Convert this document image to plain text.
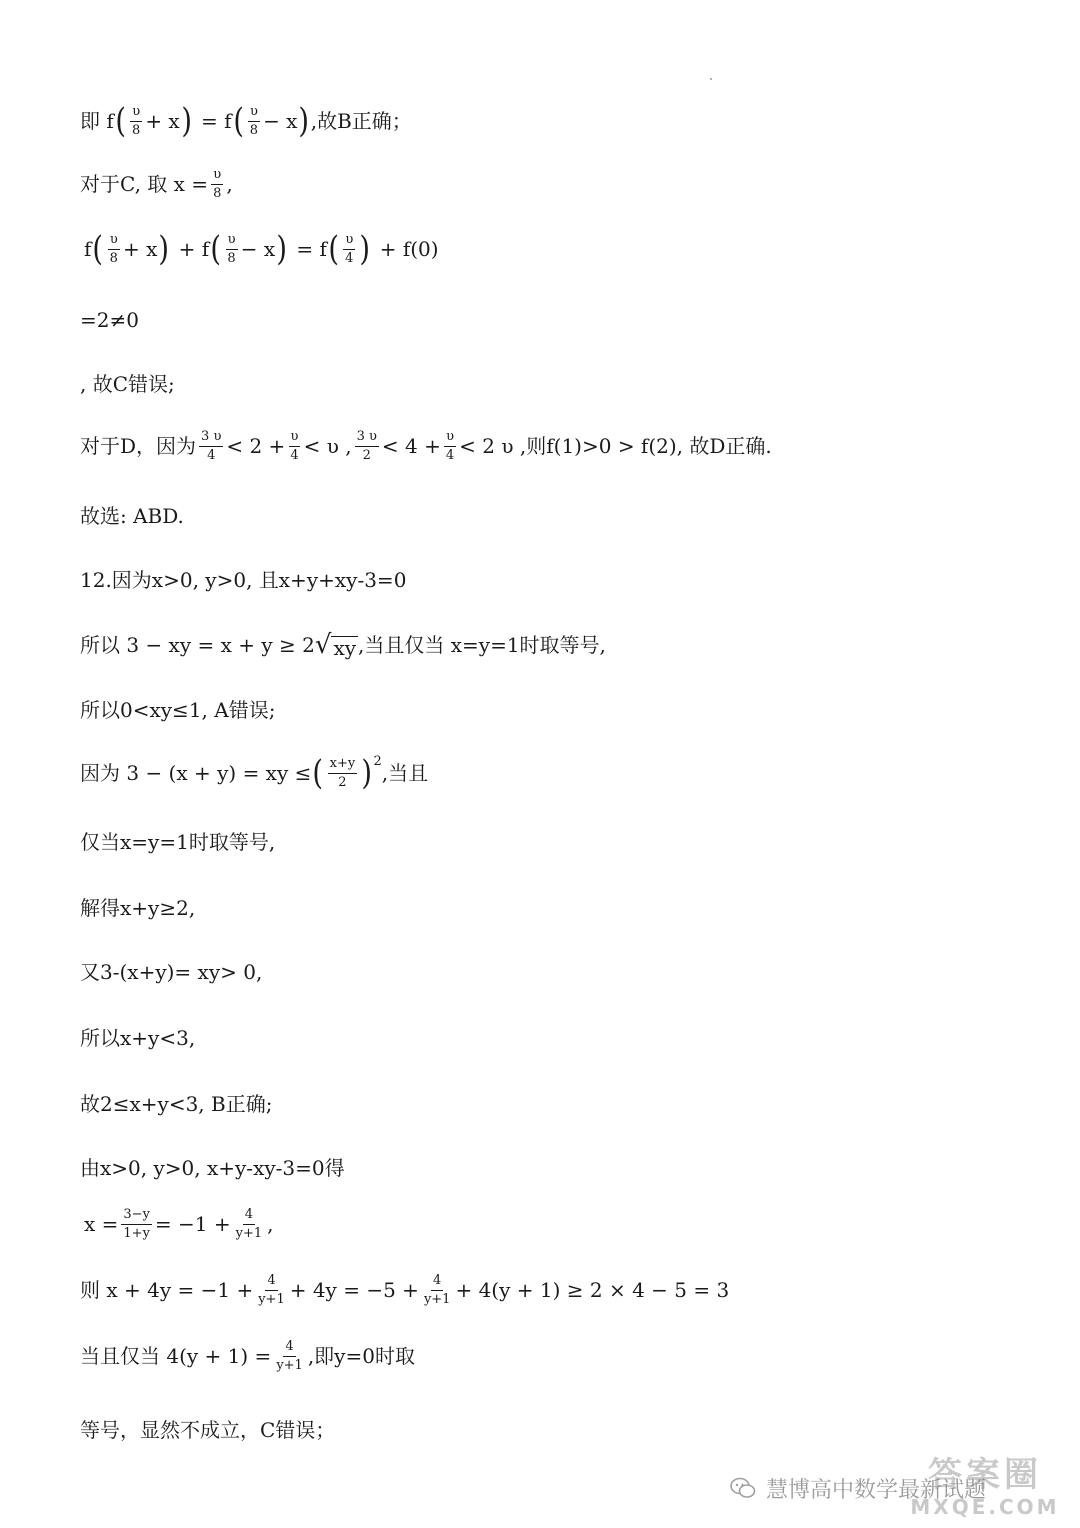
即 f ( $\frac{\upsilon}{8} + x$ ) = f ( $\frac{\upsilon}{8} - x$ ) ,故B正确；
对于C, 取 $x = \frac{\upsilon}{8}$ ,
f ( $\frac{\upsilon}{8} + x$ ) + f ( $\frac{\upsilon}{8} - x$ ) = f ( $\frac{\upsilon}{4}$ ) + f(0)
=2≠0
, 故C错误;
对于D，因为 $\frac{3 \upsilon}{4} < 2 + \frac{\upsilon}{4} < \upsilon$ , $\frac{3 \upsilon}{2} < 4 + \frac{\upsilon}{4} < 2$ υ ,则f(1)>0 > f(2), 故D正确.
故选: ABD.
12.因为x>0, y>0, 且x+y+xy-3=0
所以 3 − xy = x + y ≥ 2 √ xy ,当且仅当 x=y=1时取等号,
所以0<xy≤1, A错误;
因为 3 − (x + y) = xy ≤ ( $\frac{x+y}{2} )^2$ ,当且
仅当x=y=1时取等号,
解得x+y≥2,
又3-(x+y)= xy> 0,
所以x+y<3,
故2≤x+y<3, B正确;
由x>0, y>0, x+y-xy-3=0得
$x = \frac{3-y}{1+y} = -1 + \frac{4}{y+1}$ ,
则 $x + 4y = -1 + \frac{4}{y+1} + 4y = -5 + \frac{4}{y+1} + 4(y + 1) \ge 2 \times 4 - 5 = 3$
当且仅当 $4(y + 1) = \frac{4}{y+1}$ ,即y=0时取
等号，显然不成立，C错误；
慧博高中数学最新试题
答案圈
MXQE.COM
